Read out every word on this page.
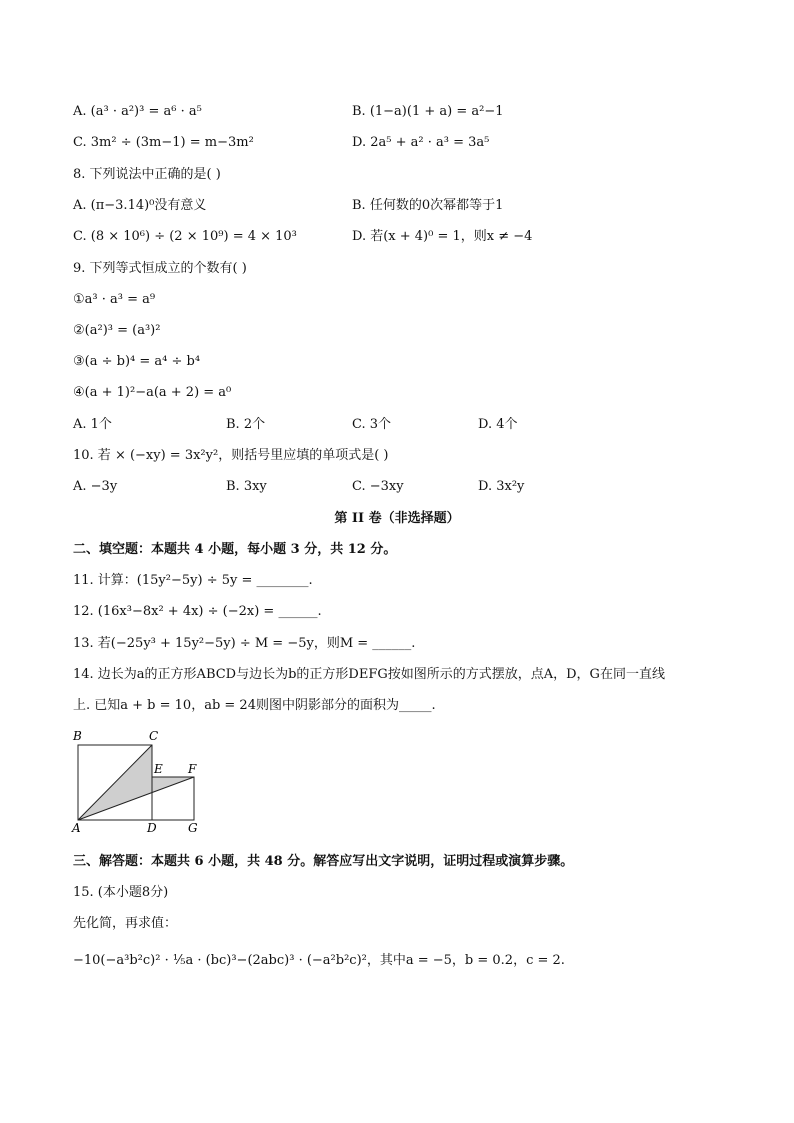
A. (a³ · a²)³ = a⁶ · a⁵	B. (1−a)(1 + a) = a²−1
C. 3m² ÷ (3m−1) = m−3m²	D. 2a⁵ + a² · a³ = 3a⁵
8. 下列说法中正确的是( )
A. (π−3.14)⁰没有意义	B. 任何数的0次幂都等于1
C. (8 × 10⁶) ÷ (2 × 10⁹) = 4 × 10³	D. 若(x + 4)⁰ = 1，则x ≠ −4
9. 下列等式恒成立的个数有( )
①a³ · a³ = a⁹
②(a²)³ = (a³)²
③(a ÷ b)⁴ = a⁴ ÷ b⁴
④(a + 1)²−a(a + 2) = a⁰
A. 1个	B. 2个	C. 3个	D. 4个
10. 若 × (−xy) = 3x²y²，则括号里应填的单项式是( )
A. −3y	B. 3xy	C. −3xy	D. 3x²y
第 II 卷（非选择题）
二、填空题：本题共 4 小题，每小题 3 分，共 12 分。
11. 计算：(15y²−5y) ÷ 5y = ________.
12. (16x³−8x² + 4x) ÷ (−2x) = ______.
13. 若(−25y³ + 15y²−5y) ÷ M = −5y，则M = ______.
14. 边长为a的正方形ABCD与边长为b的正方形DEFG按如图所示的方式摆放，点A，D，G在同一直线
上. 已知a + b = 10，ab = 24则图中阴影部分的面积为_____.
B	C
E F
A	D	G
三、解答题：本题共 6 小题，共 48 分。解答应写出文字说明，证明过程或演算步骤。
15. (本小题8分)
先化简，再求值：
−10(−a³b²c)² · ⅕a · (bc)³−(2abc)³ · (−a²b²c)²，其中a = −5，b = 0.2，c = 2.
